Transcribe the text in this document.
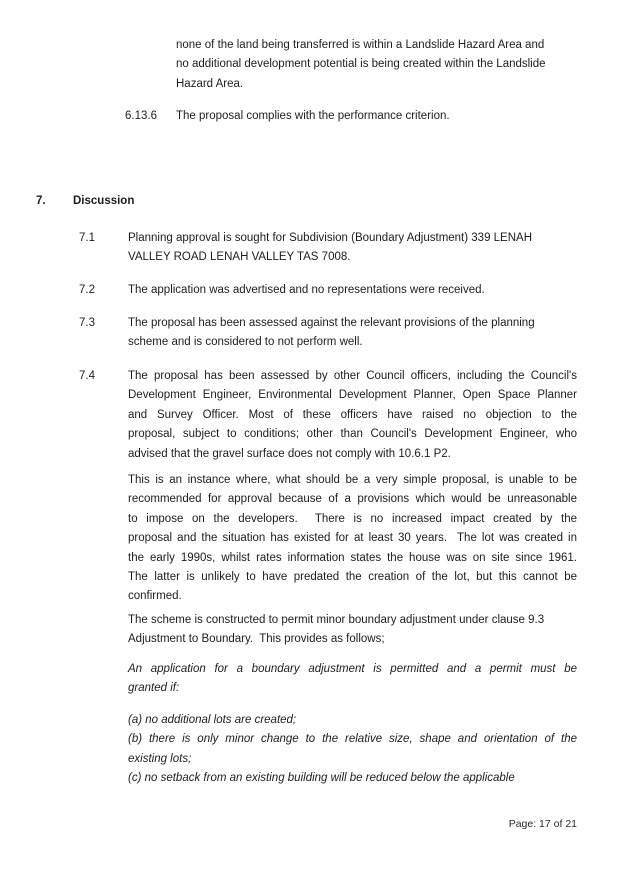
none of the land being transferred is within a Landslide Hazard Area and
no additional development potential is being created within the Landslide
Hazard Area.
6.13.6	The proposal complies with the performance criterion.
7.	Discussion
7.1	Planning approval is sought for Subdivision (Boundary Adjustment) 339 LENAH
VALLEY ROAD LENAH VALLEY TAS 7008.
7.2	The application was advertised and no representations were received.
7.3	The proposal has been assessed against the relevant provisions of the planning
scheme and is considered to not perform well.
7.4	The proposal has been assessed by other Council officers, including the Council's
Development Engineer, Environmental Development Planner, Open Space Planner
and Survey Officer. Most of these officers have raised no objection to the
proposal, subject to conditions; other than Council's Development Engineer, who
advised that the gravel surface does not comply with 10.6.1 P2.
This is an instance where, what should be a very simple proposal, is unable to be
recommended for approval because of a provisions which would be unreasonable
to impose on the developers.  There is no increased impact created by the
proposal and the situation has existed for at least 30 years.  The lot was created in
the early 1990s, whilst rates information states the house was on site since 1961.
The latter is unlikely to have predated the creation of the lot, but this cannot be
confirmed.
The scheme is constructed to permit minor boundary adjustment under clause 9.3
Adjustment to Boundary.  This provides as follows;
An application for a boundary adjustment is permitted and a permit must be
granted if:
(a) no additional lots are created;
(b) there is only minor change to the relative size, shape and orientation of the
existing lots;
(c) no setback from an existing building will be reduced below the applicable
Page: 17 of 21
